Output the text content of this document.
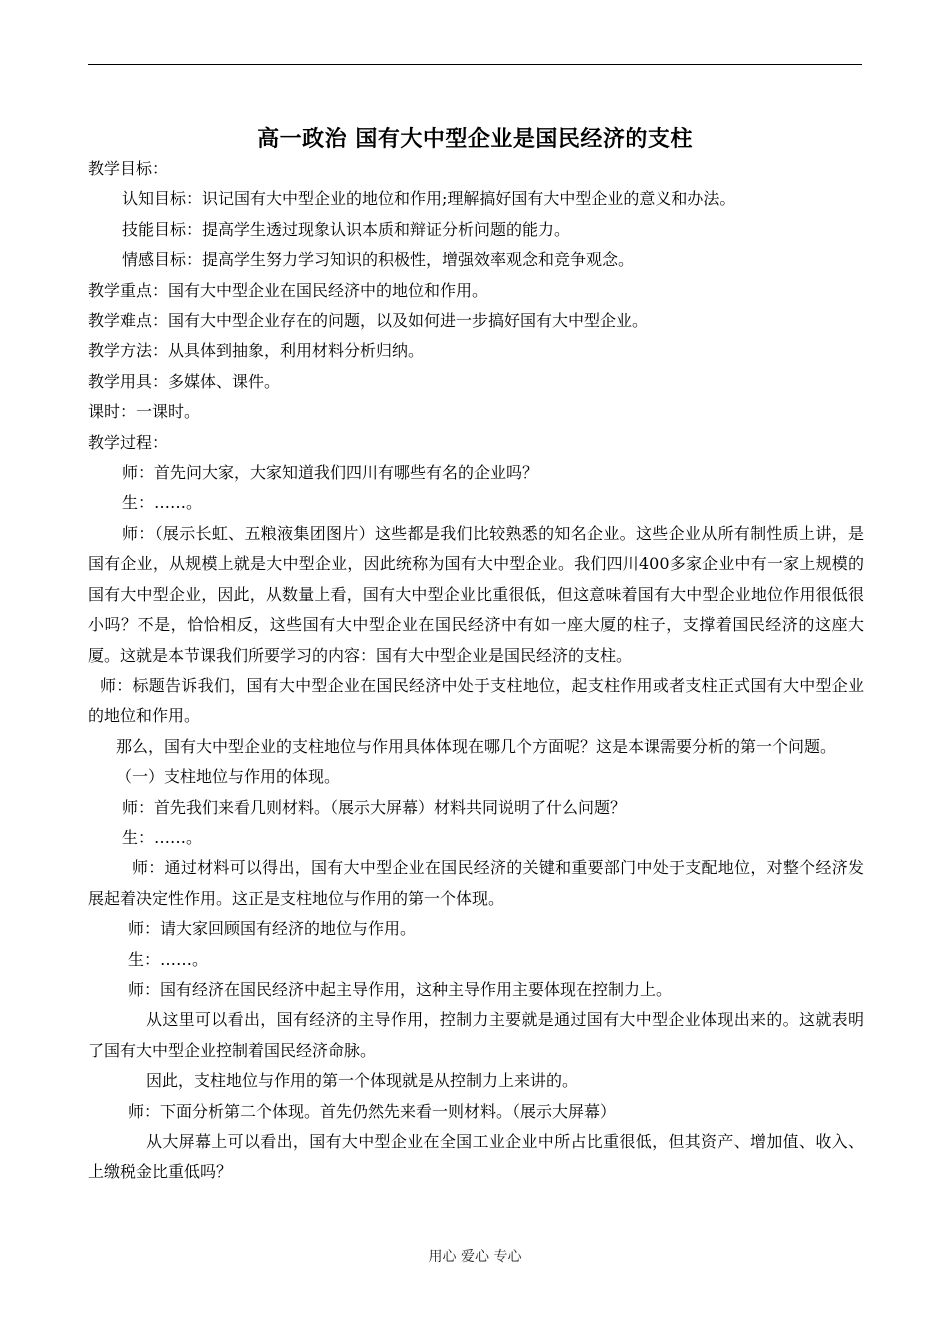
高一政治 国有大中型企业是国民经济的支柱

教学目标：

认知目标：识记国有大中型企业的地位和作用;理解搞好国有大中型企业的意义和办法。

技能目标：提高学生透过现象认识本质和辩证分析问题的能力。

情感目标：提高学生努力学习知识的积极性，增强效率观念和竞争观念。

教学重点：国有大中型企业在国民经济中的地位和作用。

教学难点：国有大中型企业存在的问题，以及如何进一步搞好国有大中型企业。

教学方法：从具体到抽象，利用材料分析归纳。

教学用具：多媒体、课件。

课时：一课时。

教学过程：

师：首先问大家，大家知道我们四川有哪些有名的企业吗？

生：……。

师：（展示长虹、五粮液集团图片）这些都是我们比较熟悉的知名企业。这些企业从所有制性质上讲，是国有企业，从规模上就是大中型企业，因此统称为国有大中型企业。我们四川400多家企业中有一家上规模的国有大中型企业，因此，从数量上看，国有大中型企业比重很低，但这意味着国有大中型企业地位作用很低很小吗？不是，恰恰相反，这些国有大中型企业在国民经济中有如一座大厦的柱子，支撑着国民经济的这座大厦。这就是本节课我们所要学习的内容：国有大中型企业是国民经济的支柱。

师：标题告诉我们，国有大中型企业在国民经济中处于支柱地位，起支柱作用或者支柱正式国有大中型企业的地位和作用。

那么，国有大中型企业的支柱地位与作用具体体现在哪几个方面呢？这是本课需要分析的第一个问题。

（一）支柱地位与作用的体现。

师：首先我们来看几则材料。（展示大屏幕）材料共同说明了什么问题？

生：……。

师：通过材料可以得出，国有大中型企业在国民经济的关键和重要部门中处于支配地位，对整个经济发展起着决定性作用。这正是支柱地位与作用的第一个体现。

师：请大家回顾国有经济的地位与作用。

生：……。

师：国有经济在国民经济中起主导作用，这种主导作用主要体现在控制力上。

从这里可以看出，国有经济的主导作用，控制力主要就是通过国有大中型企业体现出来的。这就表明了国有大中型企业控制着国民经济命脉。

因此，支柱地位与作用的第一个体现就是从控制力上来讲的。

师：下面分析第二个体现。首先仍然先来看一则材料。（展示大屏幕）

从大屏幕上可以看出，国有大中型企业在全国工业企业中所占比重很低，但其资产、增加值、收入、上缴税金比重低吗？

用心 爱心 专心
